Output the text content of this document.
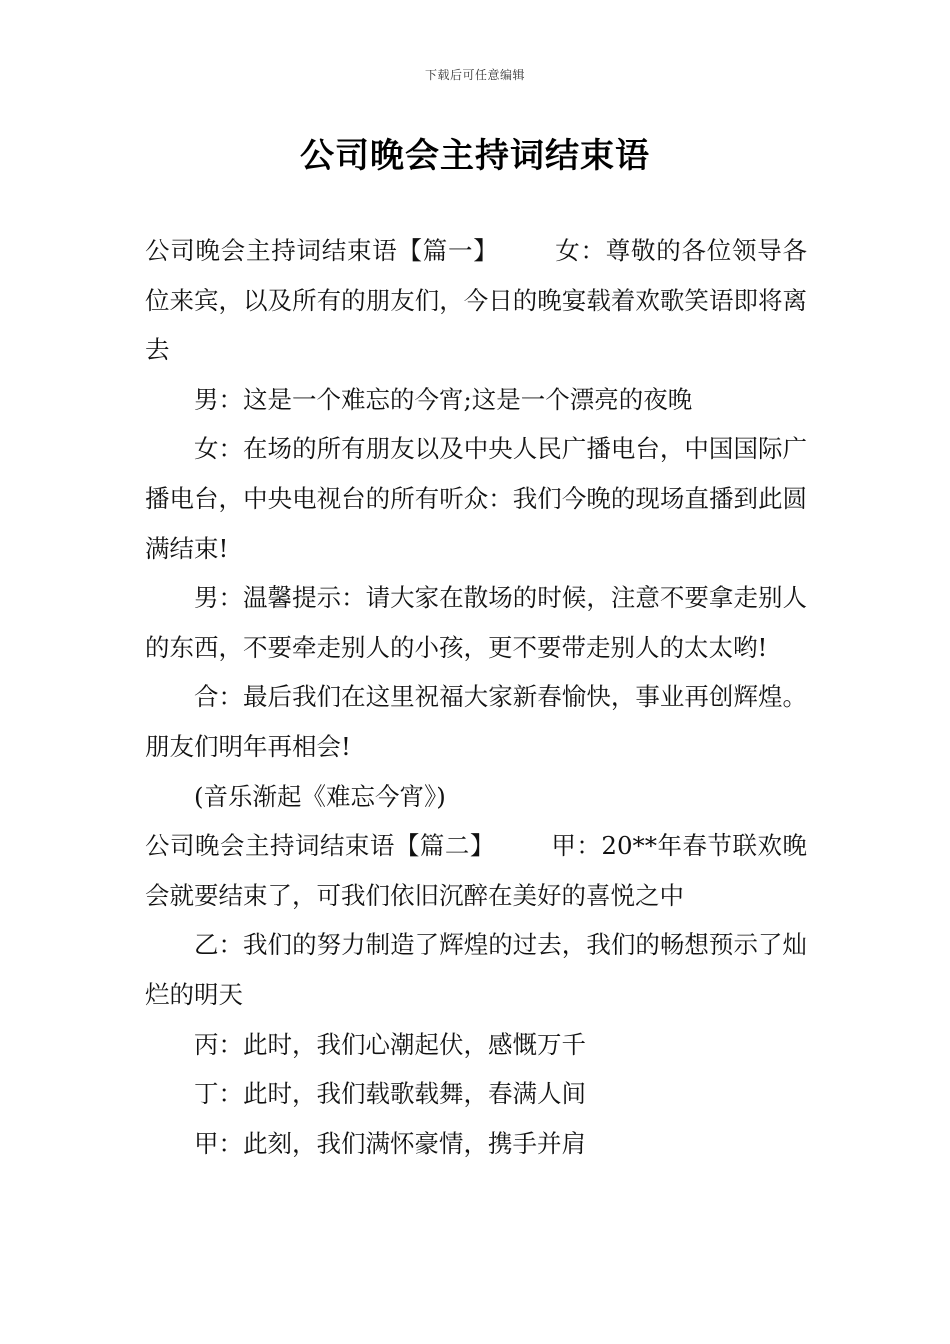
下载后可任意编辑
公司晚会主持词结束语

公司晚会主持词结束语【篇一】 女：尊敬的各位领导各位来宾，以及所有的朋友们，今日的晚宴载着欢歌笑语即将离去

男：这是一个难忘的今宵;这是一个漂亮的夜晚

女：在场的所有朋友以及中央人民广播电台，中国国际广播电台，中央电视台的所有听众：我们今晚的现场直播到此圆满结束!

男：温馨提示：请大家在散场的时候，注意不要拿走别人的东西，不要牵走别人的小孩，更不要带走别人的太太哟!

合：最后我们在这里祝福大家新春愉快，事业再创辉煌。朋友们明年再相会!

(音乐渐起《难忘今宵》)

公司晚会主持词结束语【篇二】 甲：20**年春节联欢晚会就要结束了，可我们依旧沉醉在美好的喜悦之中

乙：我们的努力制造了辉煌的过去，我们的畅想预示了灿烂的明天

丙：此时，我们心潮起伏，感慨万千

丁：此时，我们载歌载舞，春满人间

甲：此刻，我们满怀豪情，携手并肩
